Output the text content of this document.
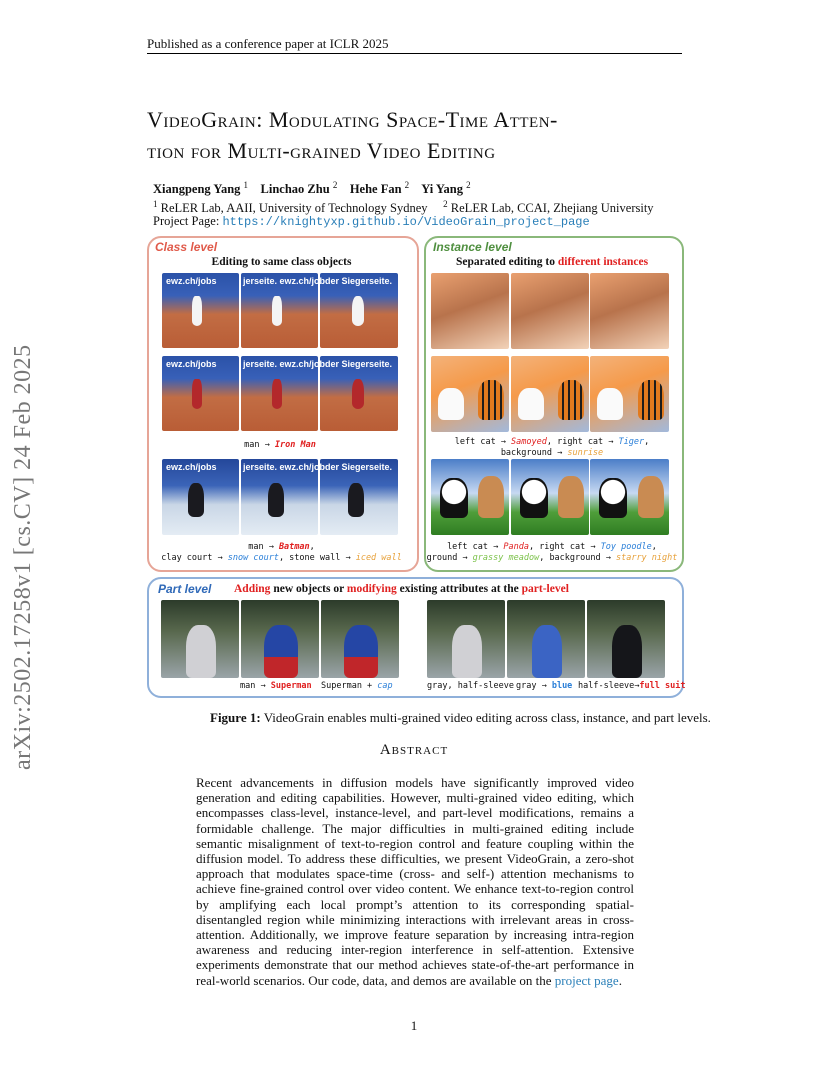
Published as a conference paper at ICLR 2025
VideoGrain: Modulating Space-Time Atten-
tion for Multi-grained Video Editing
Xiangpeng Yang $^1$ Linchao Zhu $^2$ Hehe Fan $^2$ Yi Yang $^2$
$^1$ ReLER Lab, AAII, University of Technology Sydney $^2$ ReLER Lab, CCAI, Zhejiang University
Project Page: https://knightyxp.github.io/VideoGrain_project_page
arXiv:2502.17258v1 [cs.CV] 24 Feb 2025
Class level
Editing to same class objects
ewz.ch/jobs	jerseite. ewz.ch/job der Siegerseite.
ewz.ch/jobs	jerseite. ewz.ch/job der Siegerseite.
man → Iron Man
ewz.ch/jobs	jerseite. ewz.ch/job der Siegerseite.
man → Batman,
clay court → snow court, stone wall → iced wall
Instance level
Separated editing to different instances
left cat → Samoyed, right cat → Tiger,
background → sunrise
left cat → Panda, right cat → Toy poodle,
ground → grassy meadow, background → starry night
Part level Adding new objects or modifying existing attributes at the part-level
man → Superman Superman + cap	gray, half-sleeve gray → blue half-sleeve→full suit
Figure 1: VideoGrain enables multi-grained video editing across class, instance, and part levels.
Abstract
Recent advancements in diffusion models have significantly improved video generation and editing capabilities. However, multi-grained video editing, which encompasses class-level, instance-level, and part-level modifications, remains a formidable challenge. The major difficulties in multi-grained editing include semantic misalignment of text-to-region control and feature coupling within the diffusion model. To address these difficulties, we present VideoGrain, a zero-shot approach that modulates space-time (cross- and self-) attention mechanisms to achieve fine-grained control over video content. We enhance text-to-region control by amplifying each local prompt’s attention to its corresponding spatial-disentangled region while minimizing interactions with irrelevant areas in cross-attention. Additionally, we improve feature separation by increasing intra-region awareness and reducing inter-region interference in self-attention. Extensive experiments demonstrate that our method achieves state-of-the-art performance in real-world scenarios. Our code, data, and demos are available on the project page.
1
